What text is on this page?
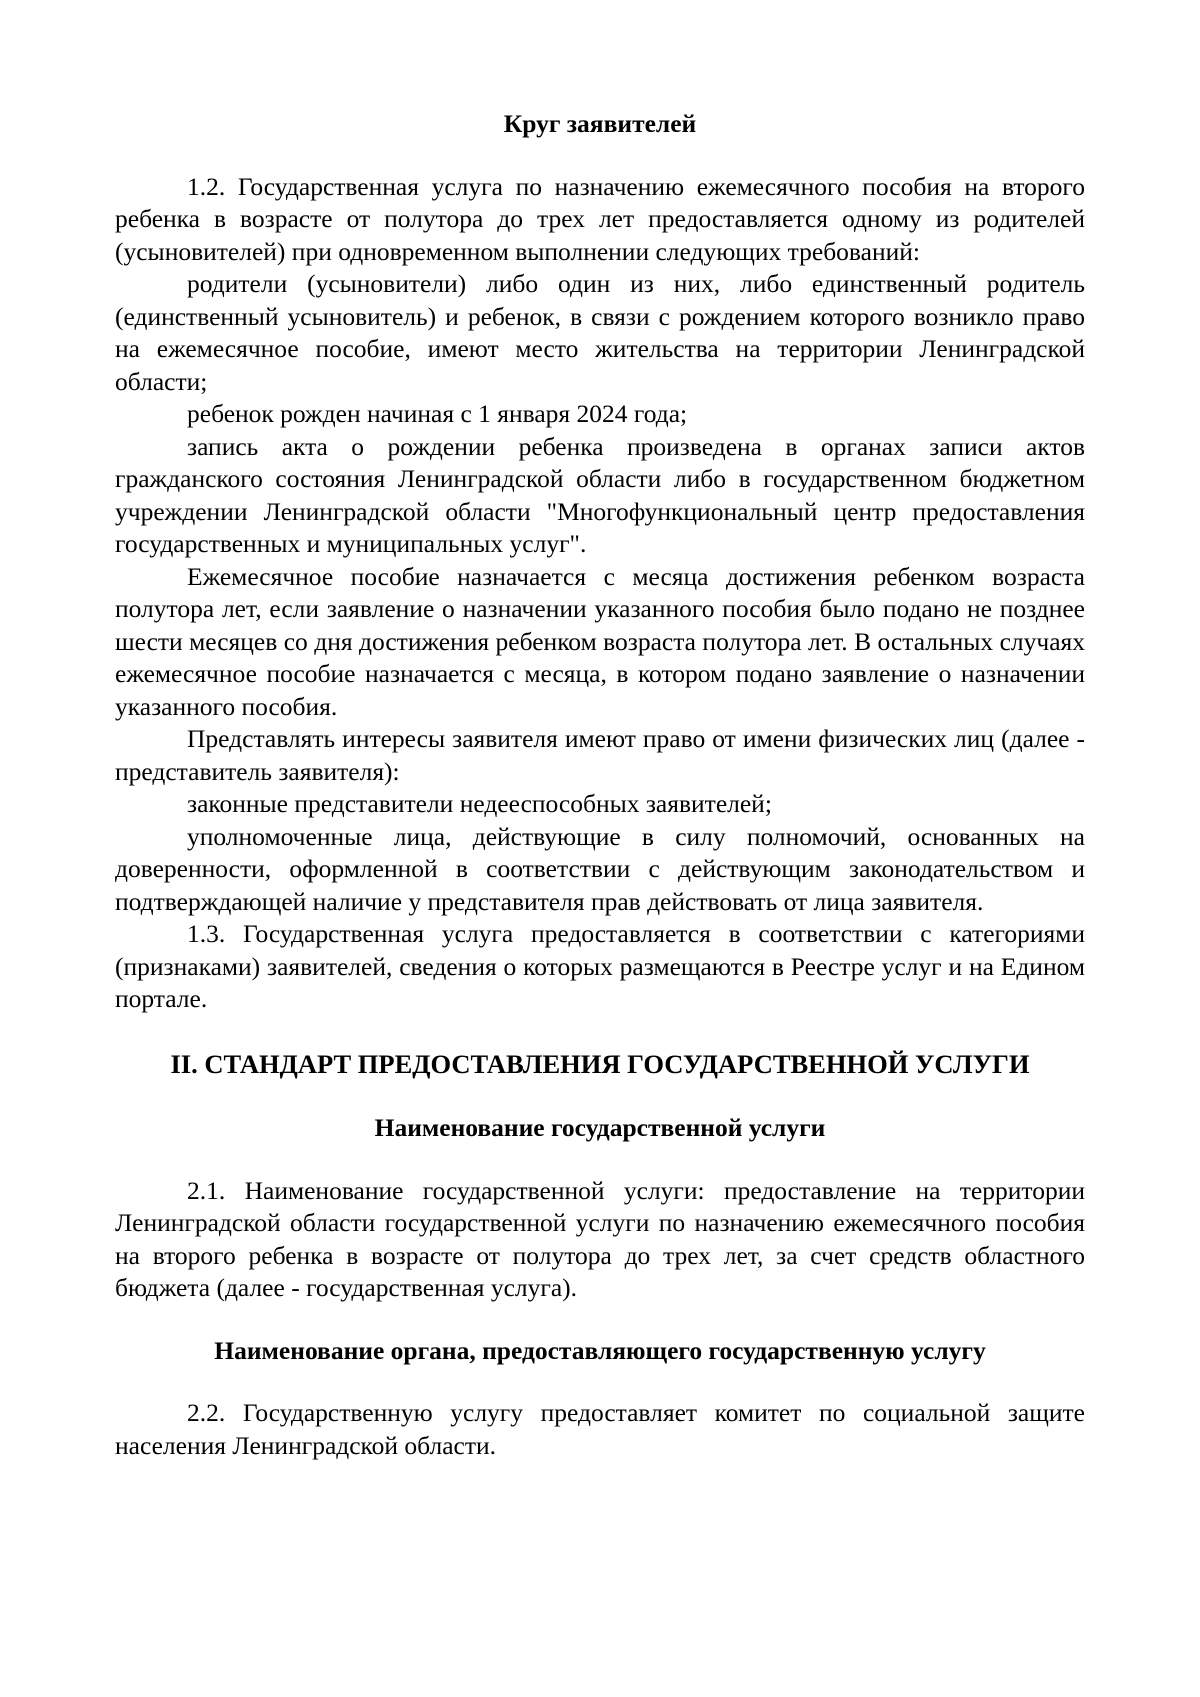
Круг заявителей

1.2. Государственная услуга по назначению ежемесячного пособия на второго ребенка в возрасте от полутора до трех лет предоставляется одному из родителей (усыновителей) при одновременном выполнении следующих требований:

родители (усыновители) либо один из них, либо единственный родитель (единственный усыновитель) и ребенок, в связи с рождением которого возникло право на ежемесячное пособие, имеют место жительства на территории Ленинградской области;

ребенок рожден начиная с 1 января 2024 года;

запись акта о рождении ребенка произведена в органах записи актов гражданского состояния Ленинградской области либо в государственном бюджетном учреждении Ленинградской области "Многофункциональный центр предоставления государственных и муниципальных услуг".

Ежемесячное пособие назначается с месяца достижения ребенком возраста полутора лет, если заявление о назначении указанного пособия было подано не позднее шести месяцев со дня достижения ребенком возраста полутора лет. В остальных случаях ежемесячное пособие назначается с месяца, в котором подано заявление о назначении указанного пособия.

Представлять интересы заявителя имеют право от имени физических лиц (далее - представитель заявителя):

законные представители недееспособных заявителей;

уполномоченные лица, действующие в силу полномочий, основанных на доверенности, оформленной в соответствии с действующим законодательством и подтверждающей наличие у представителя прав действовать от лица заявителя.

1.3. Государственная услуга предоставляется в соответствии с категориями (признаками) заявителей, сведения о которых размещаются в Реестре услуг и на Едином портале.

II. СТАНДАРТ ПРЕДОСТАВЛЕНИЯ ГОСУДАРСТВЕННОЙ УСЛУГИ
Наименование государственной услуги

2.1. Наименование государственной услуги: предоставление на территории Ленинградской области государственной услуги по назначению ежемесячного пособия на второго ребенка в возрасте от полутора до трех лет, за счет средств областного бюджета (далее - государственная услуга).

Наименование органа, предоставляющего государственную услугу

2.2. Государственную услугу предоставляет комитет по социальной защите населения Ленинградской области.
